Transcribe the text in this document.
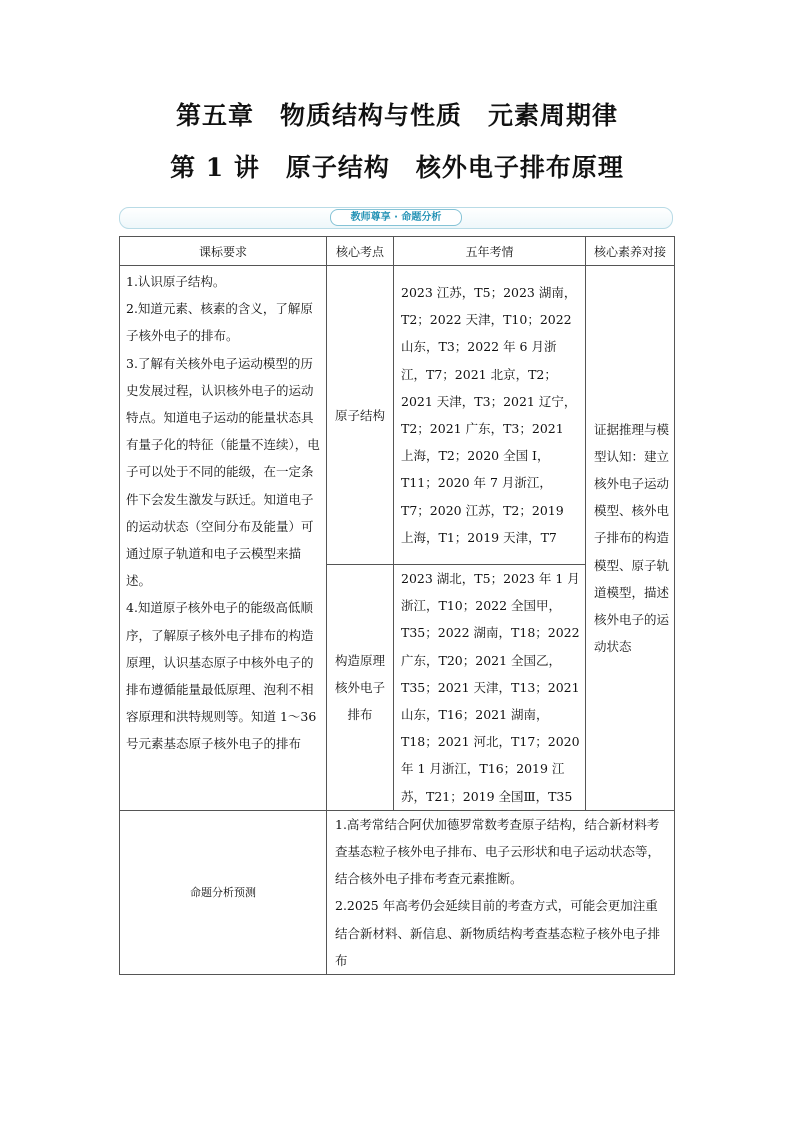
第五章　物质结构与性质　元素周期律
第 1 讲　原子结构　核外电子排布原理
教师尊享 · 命题分析
课标要求	核心考点	五年考情	核心素养对接

1.认识原子结构。

2.知道元素、核素的含义，了解原子核外电子的排布。

3.了解有关核外电子运动模型的历史发展过程，认识核外电子的运动特点。知道电子运动的能量状态具有量子化的特征（能量不连续），电子可以处于不同的能级，在一定条件下会发生激发与跃迁。知道电子的运动状态（空间分布及能量）可通过原子轨道和电子云模型来描述。

4.知道原子核外电子的能级高低顺序，了解原子核外电子排布的构造原理，认识基态原子中核外电子的排布遵循能量最低原理、泡利不相容原理和洪特规则等。知道 1～36 号元素基态原子核外电子的排布	原子结构	2023 江苏，T5；2023 湖南，T2；2022 天津，T10；2022 山东，T3；2022 年 6 月浙江，T7；2021 北京，T2；2021 天津，T3；2021 辽宁，T2；2021 广东，T3；2021 上海，T2；2020 全国 Ⅰ，T11；2020 年 7 月浙江，T7；2020 江苏，T2；2019 上海，T1；2019 天津，T7	证据推理与模型认知：建立核外电子运动模型、核外电子排布的构造模型、原子轨道模型，描述核外电子的运动状态
	构造原理核外电子排布	2023 湖北，T5；2023 年 1 月浙江，T10；2022 全国甲，T35；2022 湖南，T18；2022 广东，T20；2021 全国乙，T35；2021 天津，T13；2021 山东，T16；2021 湖南，T18；2021 河北，T17；2020 年 1 月浙江，T16；2019 江苏，T21；2019 全国Ⅲ，T35	
命题分析预测	1.高考常结合阿伏加德罗常数考查原子结构，结合新材料考查基态粒子核外电子排布、电子云形状和电子运动状态等，结合核外电子排布考查元素推断。

2.2025 年高考仍会延续目前的考查方式，可能会更加注重结合新材料、新信息、新物质结构考查基态粒子核外电子排布		
